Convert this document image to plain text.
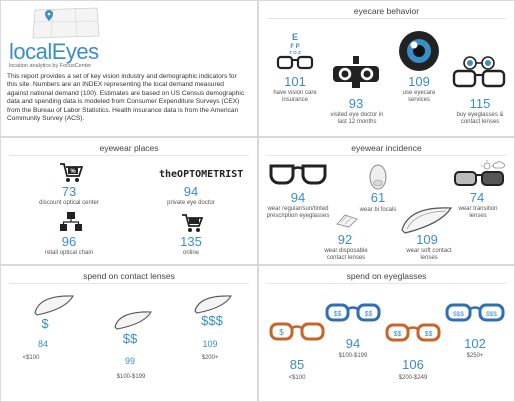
localEyes
location analytics by FocusCenter
This report provides a set of key vision industry and demographic indicators for this site. Numbers are an INDEX representing the local demand measured against national demand (100). Estimates are based on US Census demographic data and spending data is modeled from Consumer Expenditure Surveys (CEX) from the Bureau of Labor Statistics. Health insurance data is from the American Community Survey (ACS).
eyecare behavior
E
F P
T O Z
101
have vision care insurance	93
visited eye doctor in last 12 months
109
use eyecare services	115
buy eyeglasses & contact lenses
eyewear places
%
73
discount optical center
theOPTOMETRIST
94
private eye doctor
96
retail optical chain
135
online
eyewear incidence
94
wear regular/sun/tinted prescription eyeglasses
61
wear bi focals
74
wear transition lenses
92
wear disposable contact lenses
109
wear soft contact lenses
spend on contact lenses
$
84
<$100
$$
99
$100-$199
$$$
109
$200+
spend on eyeglasses
$
85
<$100
$$	$$
94
$100-$199
$$	$$
106
$200-$249
$$$	$$$
102
$250+
